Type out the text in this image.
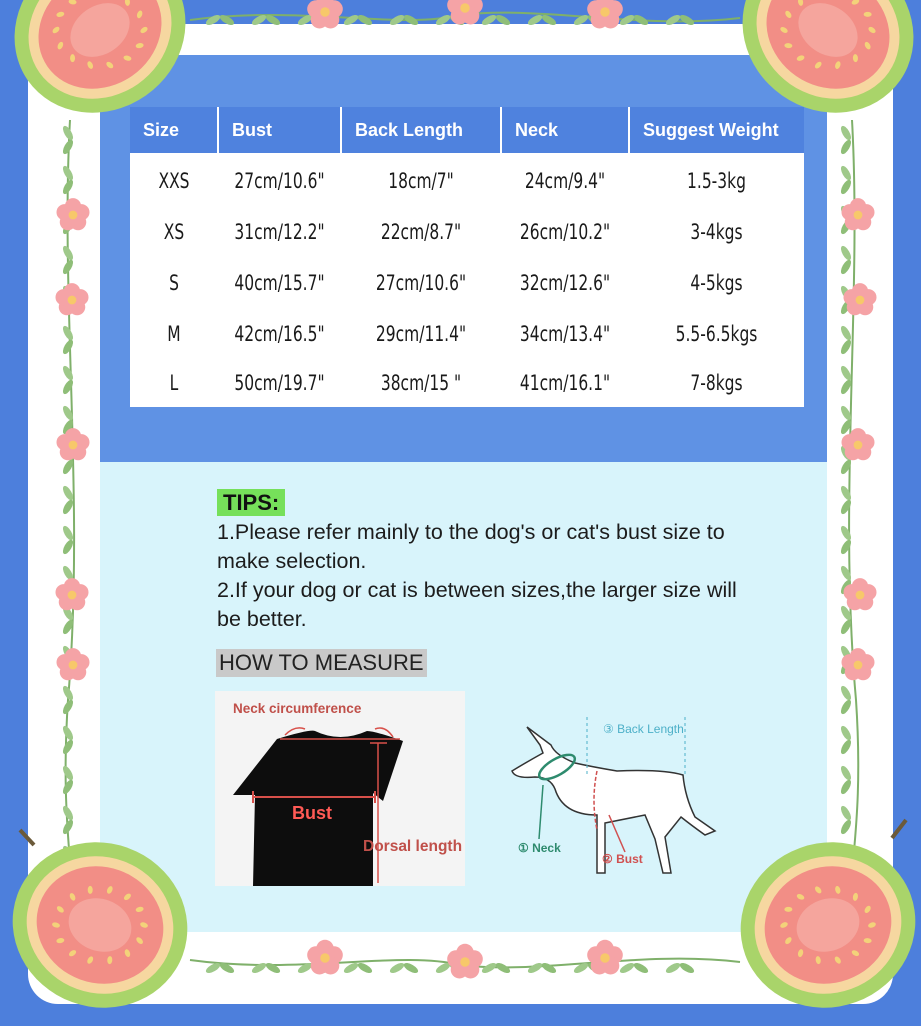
Size	Bust	Back Length	Neck	Suggest Weight
XXS	27cm/10.6"	18cm/7"	24cm/9.4"	1.5-3kg
XS	31cm/12.2"	22cm/8.7"	26cm/10.2"	3-4kgs
S	40cm/15.7"	27cm/10.6"	32cm/12.6"	4-5kgs
M	42cm/16.5"	29cm/11.4"	34cm/13.4"	5.5-6.5kgs
L	50cm/19.7"	38cm/15 "	41cm/16.1"	7-8kgs
TIPS:

1.Please refer mainly to the dog's or cat's bust size to make selection.

2.If your dog or cat is between sizes,the larger size will be better.

HOW TO MEASURE
Neck circumference
Bust
Dorsal length
③ Back Length
① Neck
② Bust
